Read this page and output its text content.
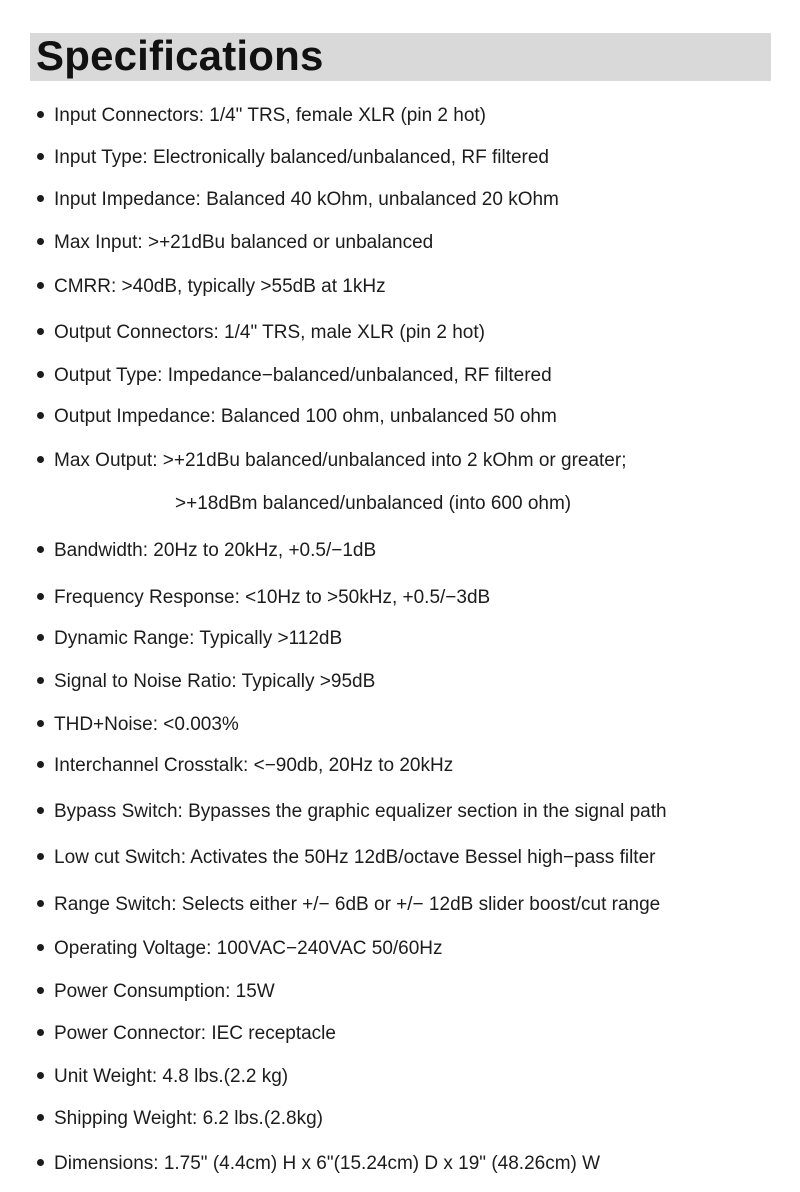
Specifications
Input Connectors: 1/4" TRS, female XLR (pin 2 hot)
Input Type: Electronically balanced/unbalanced, RF filtered
Input Impedance: Balanced 40 kOhm, unbalanced 20 kOhm
Max Input: >+21dBu balanced or unbalanced
CMRR: >40dB, typically >55dB at 1kHz
Output Connectors: 1/4" TRS, male XLR (pin 2 hot)
Output Type: Impedance−balanced/unbalanced, RF filtered
Output Impedance: Balanced 100 ohm, unbalanced 50 ohm
Max Output: >+21dBu balanced/unbalanced into 2 kOhm or greater;
>+18dBm balanced/unbalanced (into 600 ohm)
Bandwidth: 20Hz to 20kHz, +0.5/−1dB
Frequency Response: <10Hz to >50kHz, +0.5/−3dB
Dynamic Range: Typically >112dB
Signal to Noise Ratio: Typically >95dB
THD+Noise: <0.003%
Interchannel Crosstalk: <−90db, 20Hz to 20kHz
Bypass Switch: Bypasses the graphic equalizer section in the signal path
Low cut Switch: Activates the 50Hz 12dB/octave Bessel high−pass filter
Range Switch: Selects either +/− 6dB or +/− 12dB slider boost/cut range
Operating Voltage: 100VAC−240VAC 50/60Hz
Power Consumption: 15W
Power Connector: IEC receptacle
Unit Weight: 4.8 lbs.(2.2 kg)
Shipping Weight: 6.2 lbs.(2.8kg)
Dimensions: 1.75" (4.4cm) H x 6"(15.24cm) D x 19" (48.26cm) W
